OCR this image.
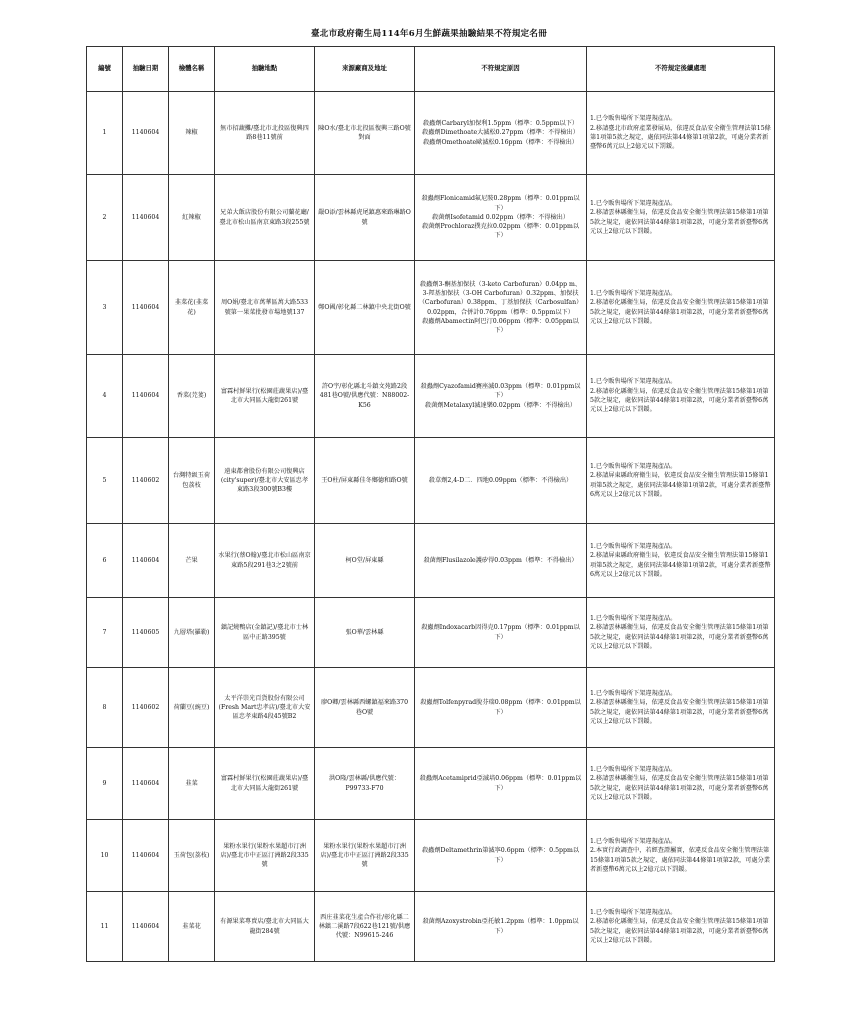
臺北市政府衛生局114年6月生鮮蔬果抽驗結果不符規定名冊
編號	抽驗日期	檢體名稱	抽驗地點	來源廠商及地址	不符規定原因	不符規定後續處理
1	1140604	辣椒	無市招蔬攤/臺北市北投區復興四路8巷11號前	陳O水/臺北市北投區復興三路O號對面	殺蟲劑Carbaryl加保利1.5ppm（標準：0.5ppm以下）
殺蟲劑Dimethoate大滅松0.27ppm（標準：不得檢出）
殺蟲劑Omethoate歐滅松0.16ppm（標準：不得檢出）	1.已令販售場所下架違規產品。
2.移請臺北市政府產業發展局，依違反食品安全衛生管理法第15條第1項第5款之規定，處依同法第44條第1項第2款，可處分業者新臺幣6萬元以上2億元以下罰鍰。

2	1140604	紅辣椒	兄弟大飯店股份有限公司蘭花廳/臺北市松山區南京東路3段255號	嚴O添/雲林縣虎尾鎮惠來路琳路O號	殺蟲劑Flonicamid氟尼胺0.28ppm（標準：0.01ppm以下）
殺菌劑Isofetamid 0.02ppm（標準：不得檢出）
殺菌劑Prochloraz撲克拉0.02ppm（標準：0.01ppm以下）	1.已令販售場所下架違規產品。
2.移請雲林縣衛生局，依違反食品安全衛生管理法第15條第1項第5款之規定，處依同法第44條第1項第2款，可處分業者新臺幣6萬元以上2億元以下罰鍰。

3	1140604	韭菜花(韭菜花)	周O娟/臺北市萬華區萬大路533號第一果菜批發市場地號137	鄭O國/彰化縣二林鎮中央北街O號	殺蟲劑3-酮基加保扶（3-keto Carbofuran）0.04pp m、3-羥基加保扶（3-OH Carbofuran）0.32ppm、加保扶（Carbofuran）0.38ppm、丁基加保扶（Carbosulfan）0.02ppm，合併計0.76ppm（標準：0.5ppm以下）
殺蟲劑Abamectin阿巴汀0.06ppm（標準：0.05ppm以下）	1.已令販售場所下架違規產品。
2.移請彰化縣衛生局，依違反食品安全衛生管理法第15條第1項第5款之規定，處依同法第44條第1項第2款，可處分業者新臺幣6萬元以上2億元以下罰鍰。

4	1140604	香菜(芫荽)	富霖村鮮果行(松園莊蔬果店)/臺北市大同區大龍街261號	許O宇/彰化縣北斗鎮文苑路2段481巷O號/供應代號：N88002-K56	殺蟲劑Cyazofamid賽座滅0.03ppm（標準：0.01ppm以下）
殺菌劑Metalaxyl滅達樂0.02ppm（標準：不得檢出）	1.已令販售場所下架違規產品。
2.移請彰化縣衛生局，依違反食品安全衛生管理法第15條第1項第5款之規定，處依同法第44條第1項第2款，可處分業者新臺幣6萬元以上2億元以下罰鍰。

5	1140602	台灣特級玉荷包荔枝	遠東都會股份有限公司復興店(city'super)/臺北市大安區忠孝東路3段300號B3樓	王O柱/屏東縣佳冬鄉德和路O號	殺草劑2,4-D二．四地0.09ppm（標準：不得檢出）	1.已令販售場所下架違規產品。
2.移請屏東縣政府衛生局，依違反食品安全衛生管理法第15條第1項第5款之規定，處依同法第44條第1項第2款，可處分業者新臺幣6萬元以上2億元以下罰鍰。

6	1140604	芒果	水果行(蔡O翰)/臺北市松山區南京東路5段291巷3之2號前	柯O堂/屏東縣	殺菌劑Flusilazole護矽得0.03ppm（標準：不得檢出）	1.已令販售場所下架違規產品。
2.移請屏東縣政府衛生局，依違反食品安全衛生管理法第15條第1項第5款之規定，處依同法第44條第1項第2款，可處分業者新臺幣6萬元以上2億元以下罰鍰。

7	1140605	九層塔(羅勒)	鎮記燒鴨店(金鎮記)/臺北市士林區中正路395號	張O華/雲林縣	殺蟲劑Indoxacarb因得克0.17ppm（標準：0.01ppm以下）	1.已令販售場所下架違規產品。
2.移請雲林縣衛生局，依違反食品安全衛生管理法第15條第1項第5款之規定，處依同法第44條第1項第2款，可處分業者新臺幣6萬元以上2億元以下罰鍰。

8	1140602	荷蘭豆(豌豆)	太平洋崇光百貨股份有限公司(Fresh Mart忠孝店)/臺北市大安區忠孝東路4段45號B2	廖O卿/雲林縣西螺鎮福來路370巷O號	殺蟲劑Tolfenpyrad脫芬瑞0.08ppm（標準：0.01ppm以下）	1.已令販售場所下架違規產品。
2.移請雲林縣衛生局，依違反食品安全衛生管理法第15條第1項第5款之規定，處依同法第44條第1項第2款，可處分業者新臺幣6萬元以上2億元以下罰鍰。

9	1140604	韭菜	富霖村鮮果行(松園莊蔬果店)/臺北市大同區大龍街261號	洪O隆/雲林縣/供應代號：P99733-F70	殺蟲劑Acetamiprid亞滅培0.06ppm（標準：0.01ppm以下）	1.已令販售場所下架違規產品。
2.移請雲林縣衛生局，依違反食品安全衛生管理法第15條第1項第5款之規定，處依同法第44條第1項第2款，可處分業者新臺幣6萬元以上2億元以下罰鍰。

10	1140604	玉荷包(荔枝)	果粉水果行(果粉水果超市汀洲店)/臺北市中正區汀洲路2段335號	果粉水果行(果粉水果超市汀洲店)/臺北市中正區汀洲路2段335號	殺蟲劑Deltamethrin第滅寧0.6ppm（標準：0.5ppm以下）	1.已令販售場所下架違規產品。
2.本實行政調查中，若經查證屬實，依違反食品安全衛生管理法第15條第1項第5款之規定，處依同法第44條第1項第2款，可處分業者新臺幣6萬元以上2億元以下罰鍰。

11	1140604	韭菜花	有源果菜專賣店/臺北市大同區大龍街284號	西庄韭菜花生產合作社/彰化縣二林鎮二溪路7段622巷121號/供應代號：N99615-246	殺菌劑Azoxystrobin亞托敏1.2ppm（標準：1.0ppm以下）	1.已令販售場所下架違規產品。
2.移請彰化縣衛生局，依違反食品安全衛生管理法第15條第1項第5款之規定，處依同法第44條第1項第2款，可處分業者新臺幣6萬元以上2億元以下罰鍰。
